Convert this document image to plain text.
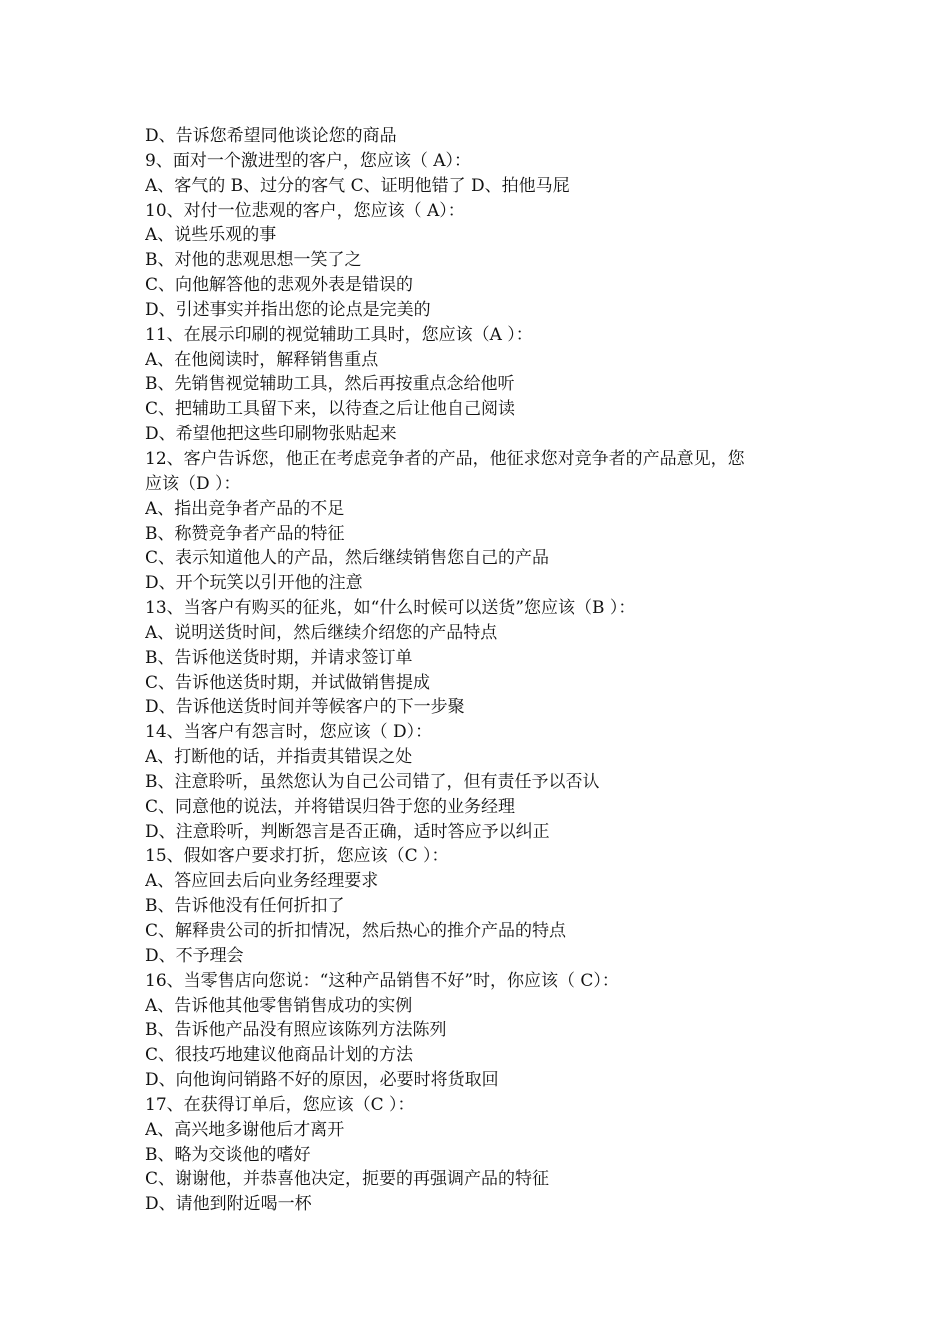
D、告诉您希望同他谈论您的商品
9、面对一个激进型的客户，您应该（ A）：
A、客气的 B、过分的客气 C、证明他错了 D、拍他马屁
10、对付一位悲观的客户，您应该（ A）：
A、说些乐观的事
B、对他的悲观思想一笑了之
C、向他解答他的悲观外表是错误的
D、引述事实并指出您的论点是完美的
11、在展示印刷的视觉辅助工具时，您应该（A ）：
A、在他阅读时，解释销售重点
B、先销售视觉辅助工具，然后再按重点念给他听
C、把辅助工具留下来，以待查之后让他自己阅读
D、希望他把这些印刷物张贴起来
12、客户告诉您，他正在考虑竞争者的产品，他征求您对竞争者的产品意见，您
应该（D ）：
A、指出竞争者产品的不足
B、称赞竞争者产品的特征
C、表示知道他人的产品，然后继续销售您自己的产品
D、开个玩笑以引开他的注意
13、当客户有购买的征兆，如“什么时候可以送货”您应该（B ）：
A、说明送货时间，然后继续介绍您的产品特点
B、告诉他送货时期，并请求签订单
C、告诉他送货时期，并试做销售提成
D、告诉他送货时间并等候客户的下一步聚
14、当客户有怨言时，您应该（ D）：
A、打断他的话，并指责其错误之处
B、注意聆听，虽然您认为自己公司错了，但有责任予以否认
C、同意他的说法，并将错误归咎于您的业务经理
D、注意聆听，判断怨言是否正确，适时答应予以纠正
15、假如客户要求打折，您应该（C ）：
A、答应回去后向业务经理要求
B、告诉他没有任何折扣了
C、解释贵公司的折扣情况，然后热心的推介产品的特点
D、不予理会
16、当零售店向您说：“这种产品销售不好”时，你应该（ C）：
A、告诉他其他零售销售成功的实例
B、告诉他产品没有照应该陈列方法陈列
C、很技巧地建议他商品计划的方法
D、向他询问销路不好的原因，必要时将货取回
17、在获得订单后，您应该（C ）：
A、高兴地多谢他后才离开
B、略为交谈他的嗜好
C、谢谢他，并恭喜他决定，扼要的再强调产品的特征
D、请他到附近喝一杯
